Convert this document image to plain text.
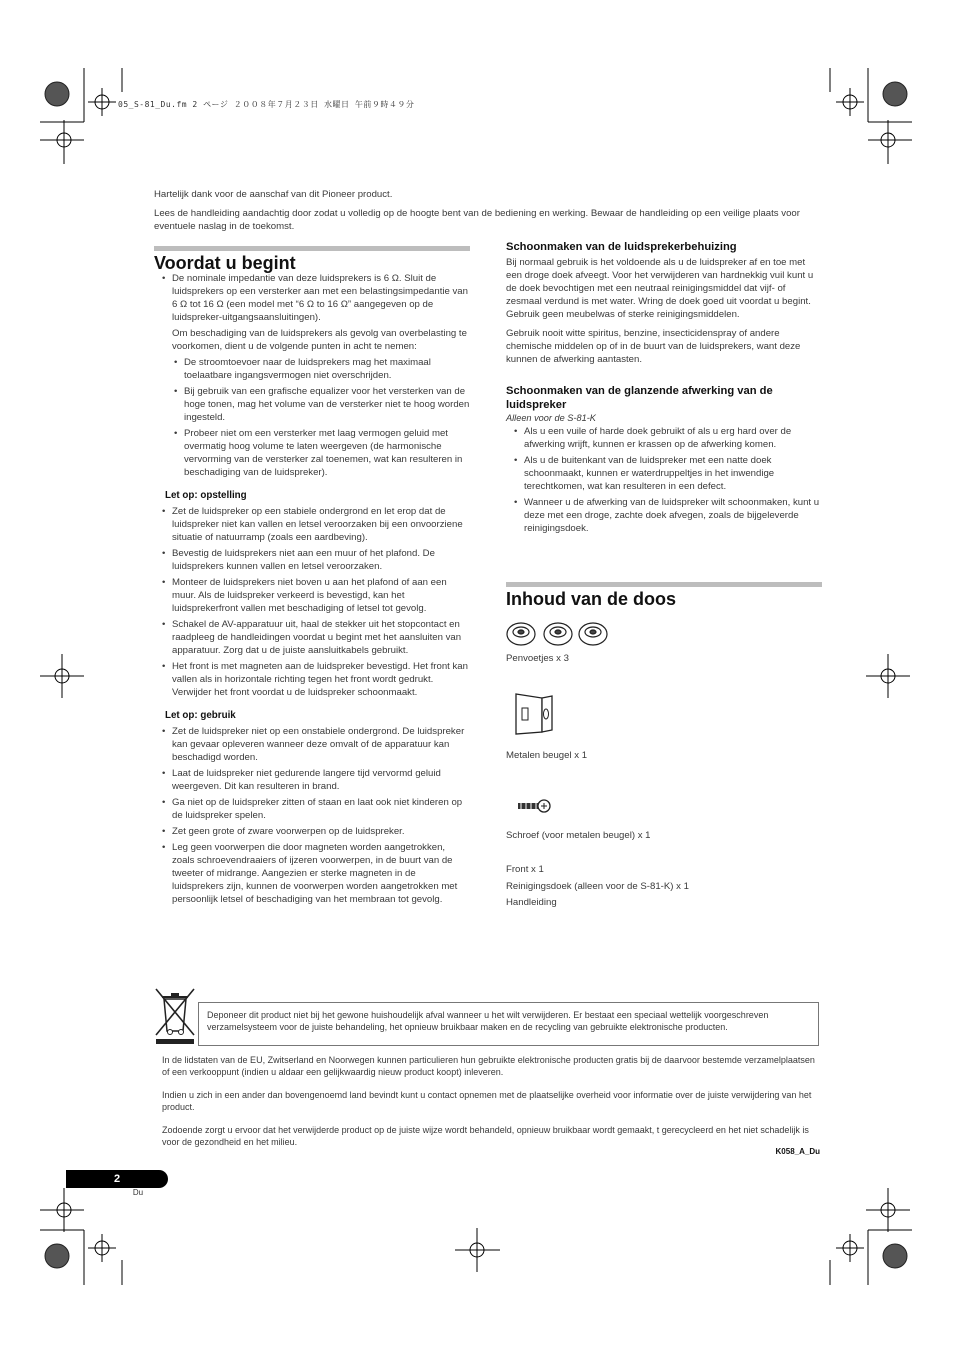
05_S-81_Du.fm 2 ページ ２００８年７月２３日 水曜日 午前９時４９分

Hartelijk dank voor de aanschaf van dit Pioneer product.

Lees de handleiding aandachtig door zodat u volledig op de hoogte bent van de bediening en werking. Bewaar de handleiding op een veilige plaats voor eventuele naslag in de toekomst.

Voordat u begint
• De nominale impedantie van deze luidsprekers is 6 Ω. Sluit de luidsprekers op een versterker aan met een belastingsimpedantie van 6 Ω tot 16 Ω (een model met “6 Ω to 16 Ω” aangegeven op de luidspreker-uitgangsaansluitingen).
Om beschadiging van de luidsprekers als gevolg van overbelasting te voorkomen, dient u de volgende punten in acht te nemen:
• De stroomtoevoer naar de luidsprekers mag het maximaal toelaatbare ingangsvermogen niet overschrijden.
• Bij gebruik van een grafische equalizer voor het versterken van de hoge tonen, mag het volume van de versterker niet te hoog worden ingesteld.
• Probeer niet om een versterker met laag vermogen geluid met overmatig hoog volume te laten weergeven (de harmonische vervorming van de versterker zal toenemen, wat kan resulteren in beschadiging van de luidspreker).
Let op: opstelling
• Zet de luidspreker op een stabiele ondergrond en let erop dat de luidspreker niet kan vallen en letsel veroorzaken bij een onvoorziene situatie of natuurramp (zoals een aardbeving).
• Bevestig de luidsprekers niet aan een muur of het plafond. De luidsprekers kunnen vallen en letsel veroorzaken.
• Monteer de luidsprekers niet boven u aan het plafond of aan een muur. Als de luidspreker verkeerd is bevestigd, kan het luidsprekerfront vallen met beschadiging of letsel tot gevolg.
• Schakel de AV-apparatuur uit, haal de stekker uit het stopcontact en raadpleeg de handleidingen voordat u begint met het aansluiten van apparatuur. Zorg dat u de juiste aansluitkabels gebruikt.
• Het front is met magneten aan de luidspreker bevestigd. Het front kan vallen als in horizontale richting tegen het front wordt gedrukt. Verwijder het front voordat u de luidspreker schoonmaakt.
Let op: gebruik
• Zet de luidspreker niet op een onstabiele ondergrond. De luidspreker kan gevaar opleveren wanneer deze omvalt of de apparatuur kan beschadigd worden.
• Laat de luidspreker niet gedurende langere tijd vervormd geluid weergeven. Dit kan resulteren in brand.
• Ga niet op de luidspreker zitten of staan en laat ook niet kinderen op de luidspreker spelen.
• Zet geen grote of zware voorwerpen op de luidspreker.
• Leg geen voorwerpen die door magneten worden aangetrokken, zoals schroevendraaiers of ijzeren voorwerpen, in de buurt van de tweeter of midrange. Aangezien er sterke magneten in de luidsprekers zijn, kunnen de voorwerpen worden aangetrokken met persoonlijk letsel of beschadiging van het membraan tot gevolg.
Schoonmaken van de luidsprekerbehuizing

Bij normaal gebruik is het voldoende als u de luidspreker af en toe met een droge doek afveegt. Voor het verwijderen van hardnekkig vuil kunt u de doek bevochtigen met een neutraal reinigingsmiddel dat vijf- of zesmaal verdund is met water. Wring de doek goed uit voordat u begint. Gebruik geen meubelwas of sterke reinigingsmiddelen.

Gebruik nooit witte spiritus, benzine, insecticidenspray of andere chemische middelen op of in de buurt van de luidsprekers, want deze kunnen de afwerking aantasten.

Schoonmaken van de glanzende afwerking van de luidspreker
Alleen voor de S-81-K
• Als u een vuile of harde doek gebruikt of als u erg hard over de afwerking wrijft, kunnen er krassen op de afwerking komen.
• Als u de buitenkant van de luidspreker met een natte doek schoonmaakt, kunnen er waterdruppeltjes in het inwendige terechtkomen, wat kan resulteren in een defect.
• Wanneer u de afwerking van de luidspreker wilt schoonmaken, kunt u deze met een droge, zachte doek afvegen, zoals de bijgeleverde reinigingsdoek.
Inhoud van de doos
Penvoetjes x 3
Metalen beugel x 1
Schroef (voor metalen beugel) x 1
Front x 1
Reinigingsdoek (alleen voor de S-81-K) x 1
Handleiding
Deponeer dit product niet bij het gewone huishoudelijk afval wanneer u het wilt verwijderen. Er bestaat een speciaal wettelijk voorgeschreven verzamelsysteem voor de juiste behandeling, het opnieuw bruikbaar maken en de recycling van gebruikte elektronische producten.

In de lidstaten van de EU, Zwitserland en Noorwegen kunnen particulieren hun gebruikte elektronische producten gratis bij de daarvoor bestemde verzamelplaatsen of een verkooppunt (indien u aldaar een gelijkwaardig nieuw product koopt) inleveren.

Indien u zich in een ander dan bovengenoemd land bevindt kunt u contact opnemen met de plaatselijke overheid voor informatie over de juiste verwijdering van het product.

Zodoende zorgt u ervoor dat het verwijderde product op de juiste wijze wordt behandeld, opnieuw bruikbaar wordt gemaakt, t gerecycleerd en het niet schadelijk is voor de gezondheid en het milieu.

K058_A_Du
2
Du
